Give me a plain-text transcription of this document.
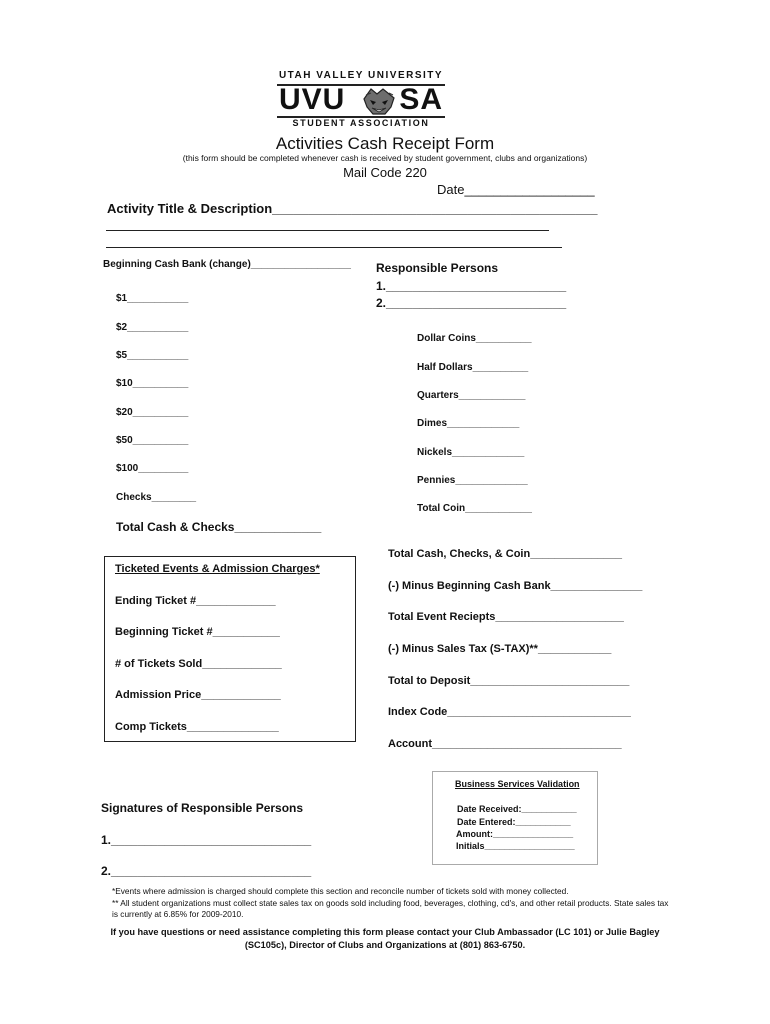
UTAH VALLEY UNIVERSITY
UVU SA
STUDENT ASSOCIATION
Activities Cash Receipt Form
(this form should be completed whenever cash is received by student government, clubs and organizations)
Mail Code 220
Date__________________
Activity Title & Description_____________________________________________
Beginning Cash Bank (change)__________________
$1___________
$2___________
$5___________
$10__________
$20__________
$50__________
$100_________
Checks________
Total Cash & Checks_____________
Responsible Persons
1.___________________________
2.___________________________
Dollar Coins__________
Half Dollars__________
Quarters____________
Dimes_____________
Nickels_____________
Pennies_____________
Total Coin____________
Ticketed Events & Admission Charges*
Ending Ticket #_____________
Beginning Ticket #___________
# of Tickets Sold_____________
Admission Price_____________
Comp Tickets_______________
Total Cash, Checks, & Coin_______________
(-) Minus Beginning Cash Bank_______________
Total Event Reciepts_____________________
(-) Minus Sales Tax (S-TAX)**____________
Total to Deposit__________________________
Index Code______________________________
Account_______________________________
Business Services Validation
Date Received:___________
Date Entered:___________
Amount:________________
Initials__________________
Signatures of Responsible Persons
1.______________________________
2.______________________________
*Events where admission is charged should complete this section and reconcile number of tickets sold with money collected.
** All student organizations must collect state sales tax on goods sold including food, beverages, clothing, cd's, and other retail products. State sales tax
is currently at 6.85% for 2009-2010.
If you have questions or need assistance completing this form please contact your Club Ambassador (LC 101) or Julie Bagley
(SC105c), Director of Clubs and Organizations at (801) 863-6750.
